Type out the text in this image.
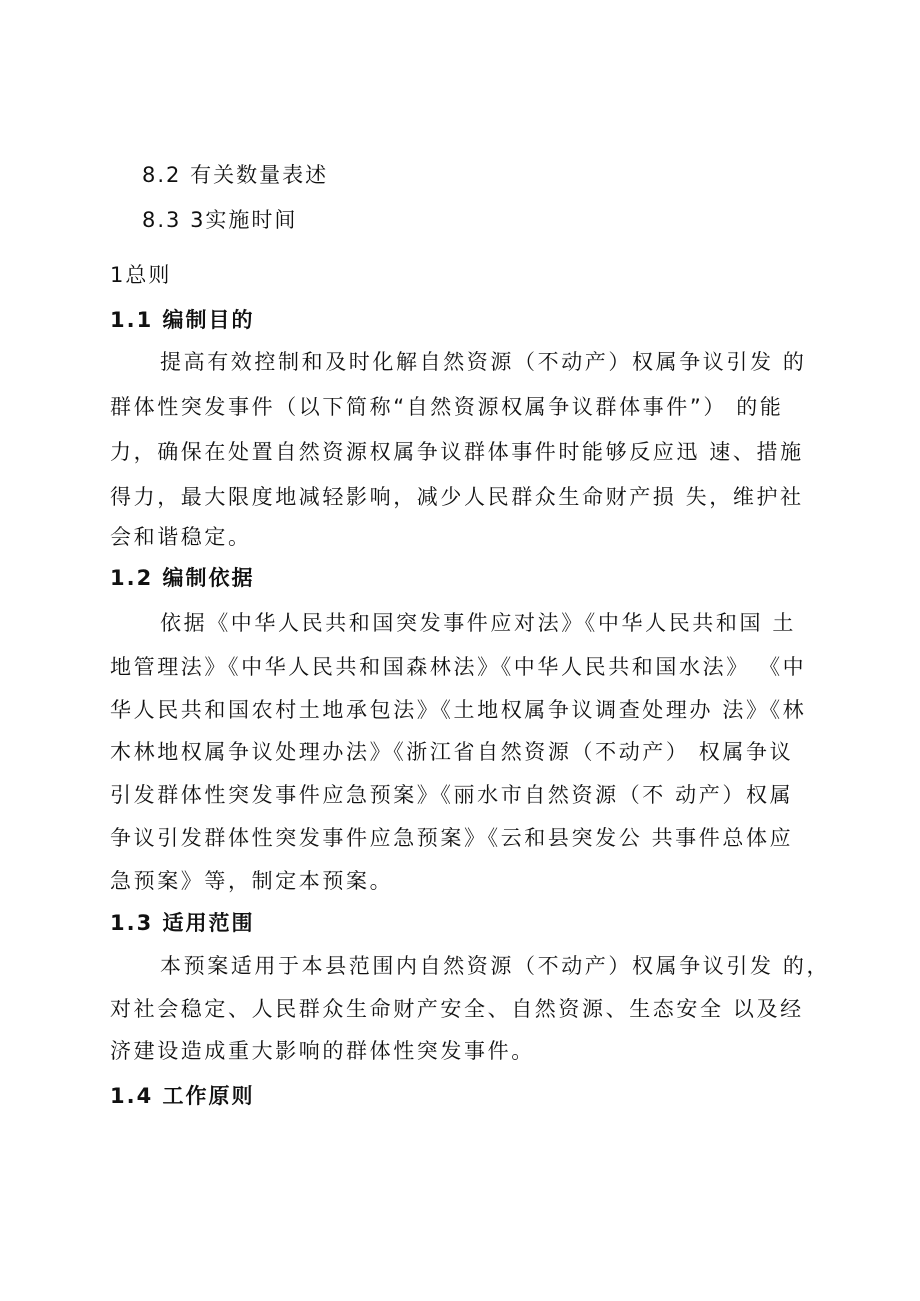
8.2 有关数量表述

8.3 3实施时间

1总则

1.1 编制目的

提高有效控制和及时化解自然资源（不动产）权属争议引发 的

群体性突发事件（以下简称“自然资源权属争议群体事件”） 的能

力，确保在处置自然资源权属争议群体事件时能够反应迅 速、措施

得力，最大限度地减轻影响，减少人民群众生命财产损 失，维护社

会和谐稳定。

1.2 编制依据

依据《中华人民共和国突发事件应对法》《中华人民共和国 土

地管理法》《中华人民共和国森林法》《中华人民共和国水法》 《中

华人民共和国农村土地承包法》《土地权属争议调查处理办 法》《林

木林地权属争议处理办法》《浙江省自然资源（不动产） 权属争议

引发群体性突发事件应急预案》《丽水市自然资源（不 动产）权属

争议引发群体性突发事件应急预案》《云和县突发公 共事件总体应

急预案》等，制定本预案。

1.3 适用范围

本预案适用于本县范围内自然资源（不动产）权属争议引发 的，

对社会稳定、人民群众生命财产安全、自然资源、生态安全 以及经

济建设造成重大影响的群体性突发事件。

1.4 工作原则
